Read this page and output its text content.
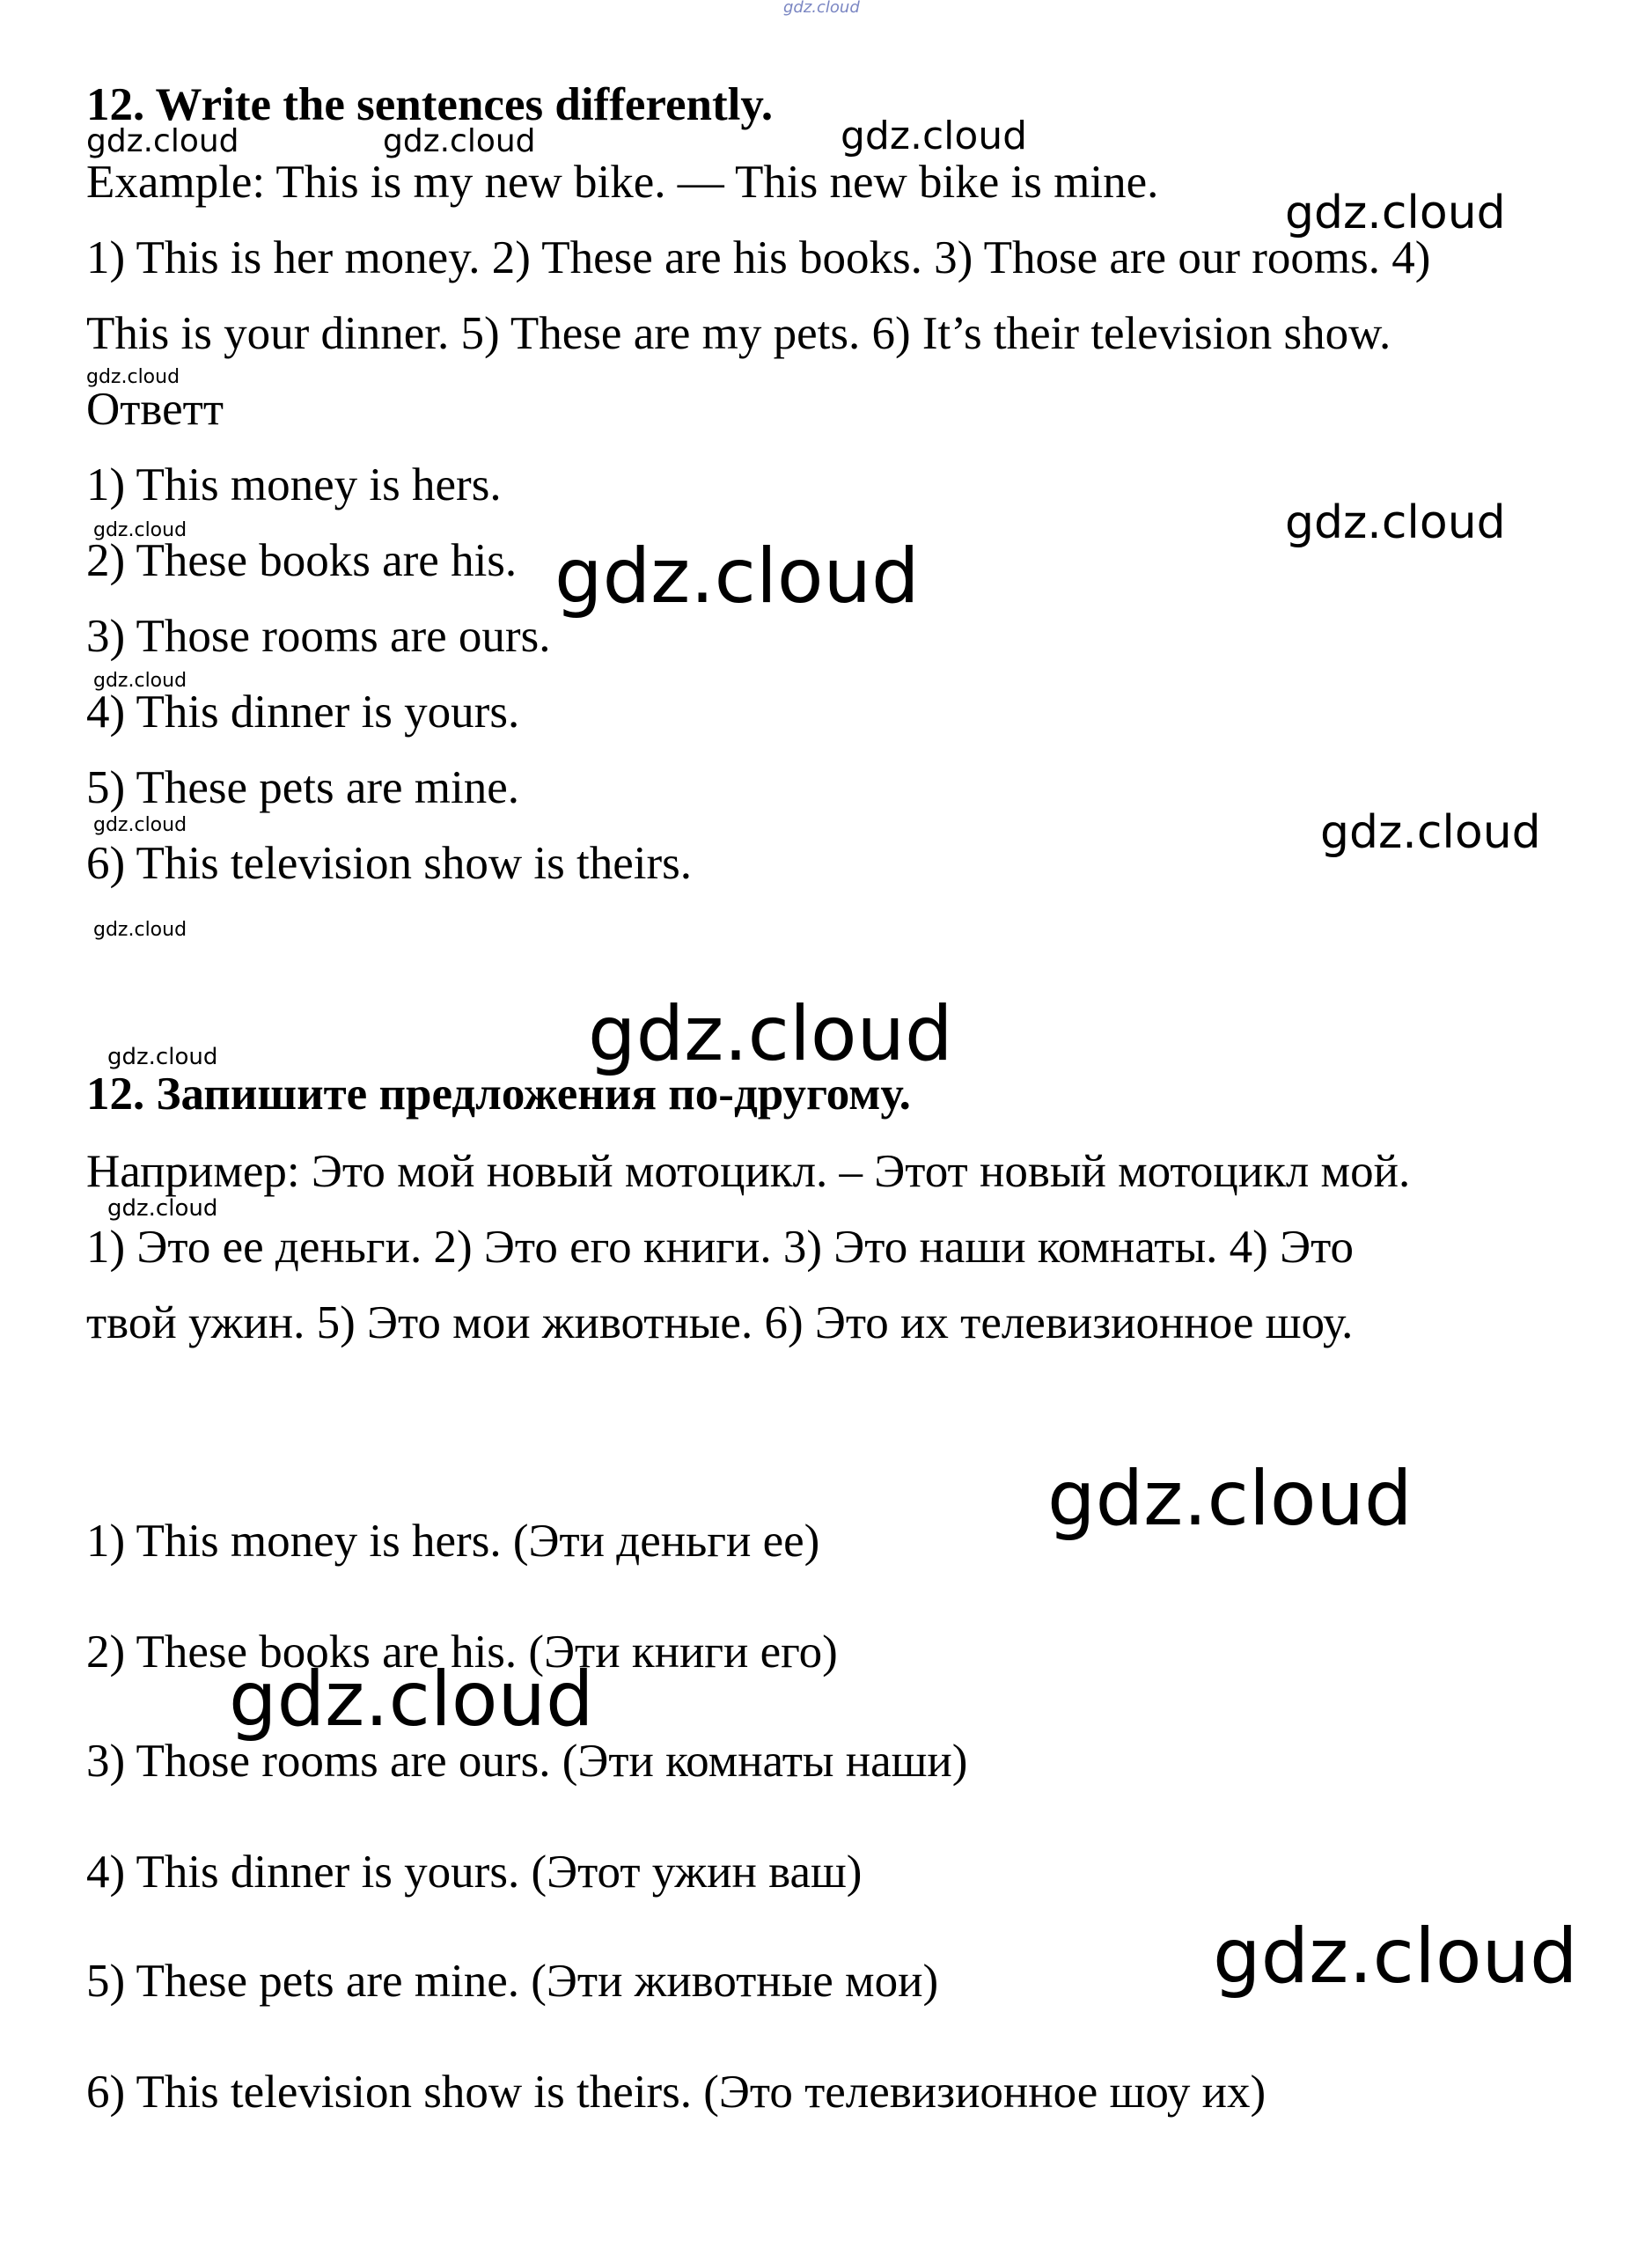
12. Write the sentences differently.
Example: This is my new bike. — This new bike is mine.
1) This is her money. 2) These are his books. 3) Those are our rooms. 4)
This is your dinner. 5) These are my pets. 6) It’s their television show.
Ответт
1) This money is hers.
2) These books are his.
3) Those rooms are ours.
4) This dinner is yours.
5) These pets are mine.
6) This television show is theirs.
12. Запишите предложения по-другому.
Например: Это мой новый мотоцикл. – Этот новый мотоцикл мой.
1) Это ее деньги. 2) Это его книги. 3) Это наши комнаты. 4) Это
твой ужин. 5) Это мои животные. 6) Это их телевизионное шоу.
1) This money is hers. (Эти деньги ее)
2) These books are his. (Эти книги его)
3) Those rooms are ours. (Эти комнаты наши)
4) This dinner is yours. (Этот ужин ваш)
5) These pets are mine. (Эти животные мои)
6) This television show is theirs. (Это телевизионное шоу их)
gdz.cloud
gdz.cloud	gdz.cloud	gdz.cloud
gdz.cloud
gdz.cloud
gdz.cloud
gdz.cloud
gdz.cloud
gdz.cloud
gdz.cloud	gdz.cloud
gdz.cloud
gdz.cloud	gdz.cloud
gdz.cloud
gdz.cloud
gdz.cloud
gdz.cloud
